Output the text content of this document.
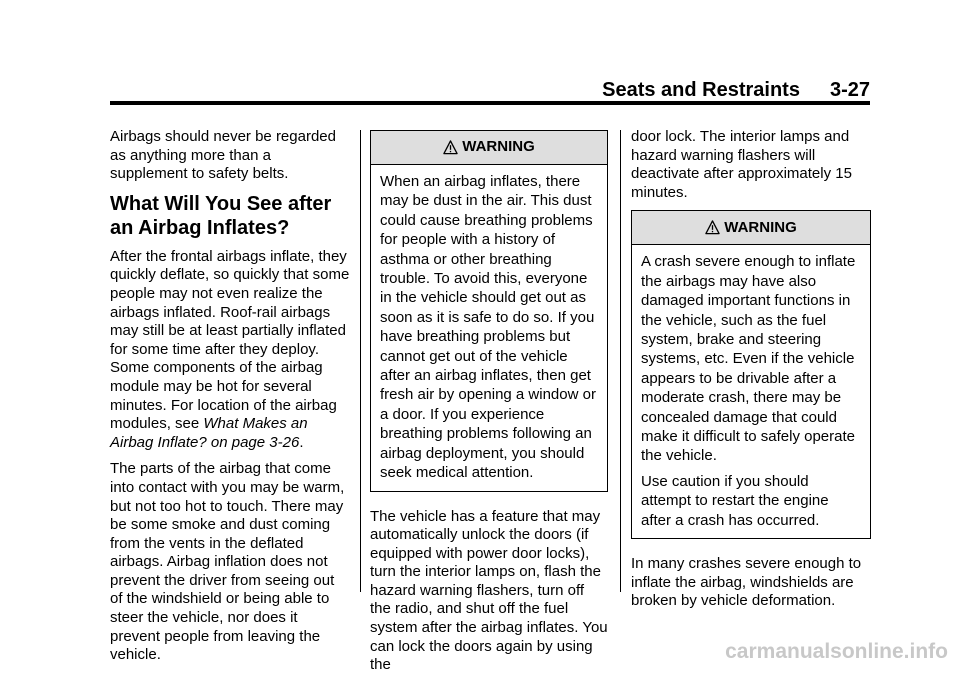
Seats and Restraints 3-27

Airbags should never be regarded as anything more than a supplement to safety belts.

What Will You See after an Airbag Inflates?

After the frontal airbags inflate, they quickly deflate, so quickly that some people may not even realize the airbags inflated. Roof-rail airbags may still be at least partially inflated for some time after they deploy. Some components of the airbag module may be hot for several minutes. For location of the airbag modules, see What Makes an Airbag Inflate? on page 3-26.

The parts of the airbag that come into contact with you may be warm, but not too hot to touch. There may be some smoke and dust coming from the vents in the deflated airbags. Airbag inflation does not prevent the driver from seeing out of the windshield or being able to steer the vehicle, nor does it prevent people from leaving the vehicle.

WARNING

When an airbag inflates, there may be dust in the air. This dust could cause breathing problems for people with a history of asthma or other breathing trouble. To avoid this, everyone in the vehicle should get out as soon as it is safe to do so. If you have breathing problems but cannot get out of the vehicle after an airbag inflates, then get fresh air by opening a window or a door. If you experience breathing problems following an airbag deployment, you should seek medical attention.

The vehicle has a feature that may automatically unlock the doors (if equipped with power door locks), turn the interior lamps on, flash the hazard warning flashers, turn off the radio, and shut off the fuel system after the airbag inflates. You can lock the doors again by using the

door lock. The interior lamps and hazard warning flashers will deactivate after approximately 15 minutes.

WARNING

A crash severe enough to inflate the airbags may have also damaged important functions in the vehicle, such as the fuel system, brake and steering systems, etc. Even if the vehicle appears to be drivable after a moderate crash, there may be concealed damage that could make it difficult to safely operate the vehicle.

Use caution if you should attempt to restart the engine after a crash has occurred.

In many crashes severe enough to inflate the airbag, windshields are broken by vehicle deformation.

carmanualsonline.info
